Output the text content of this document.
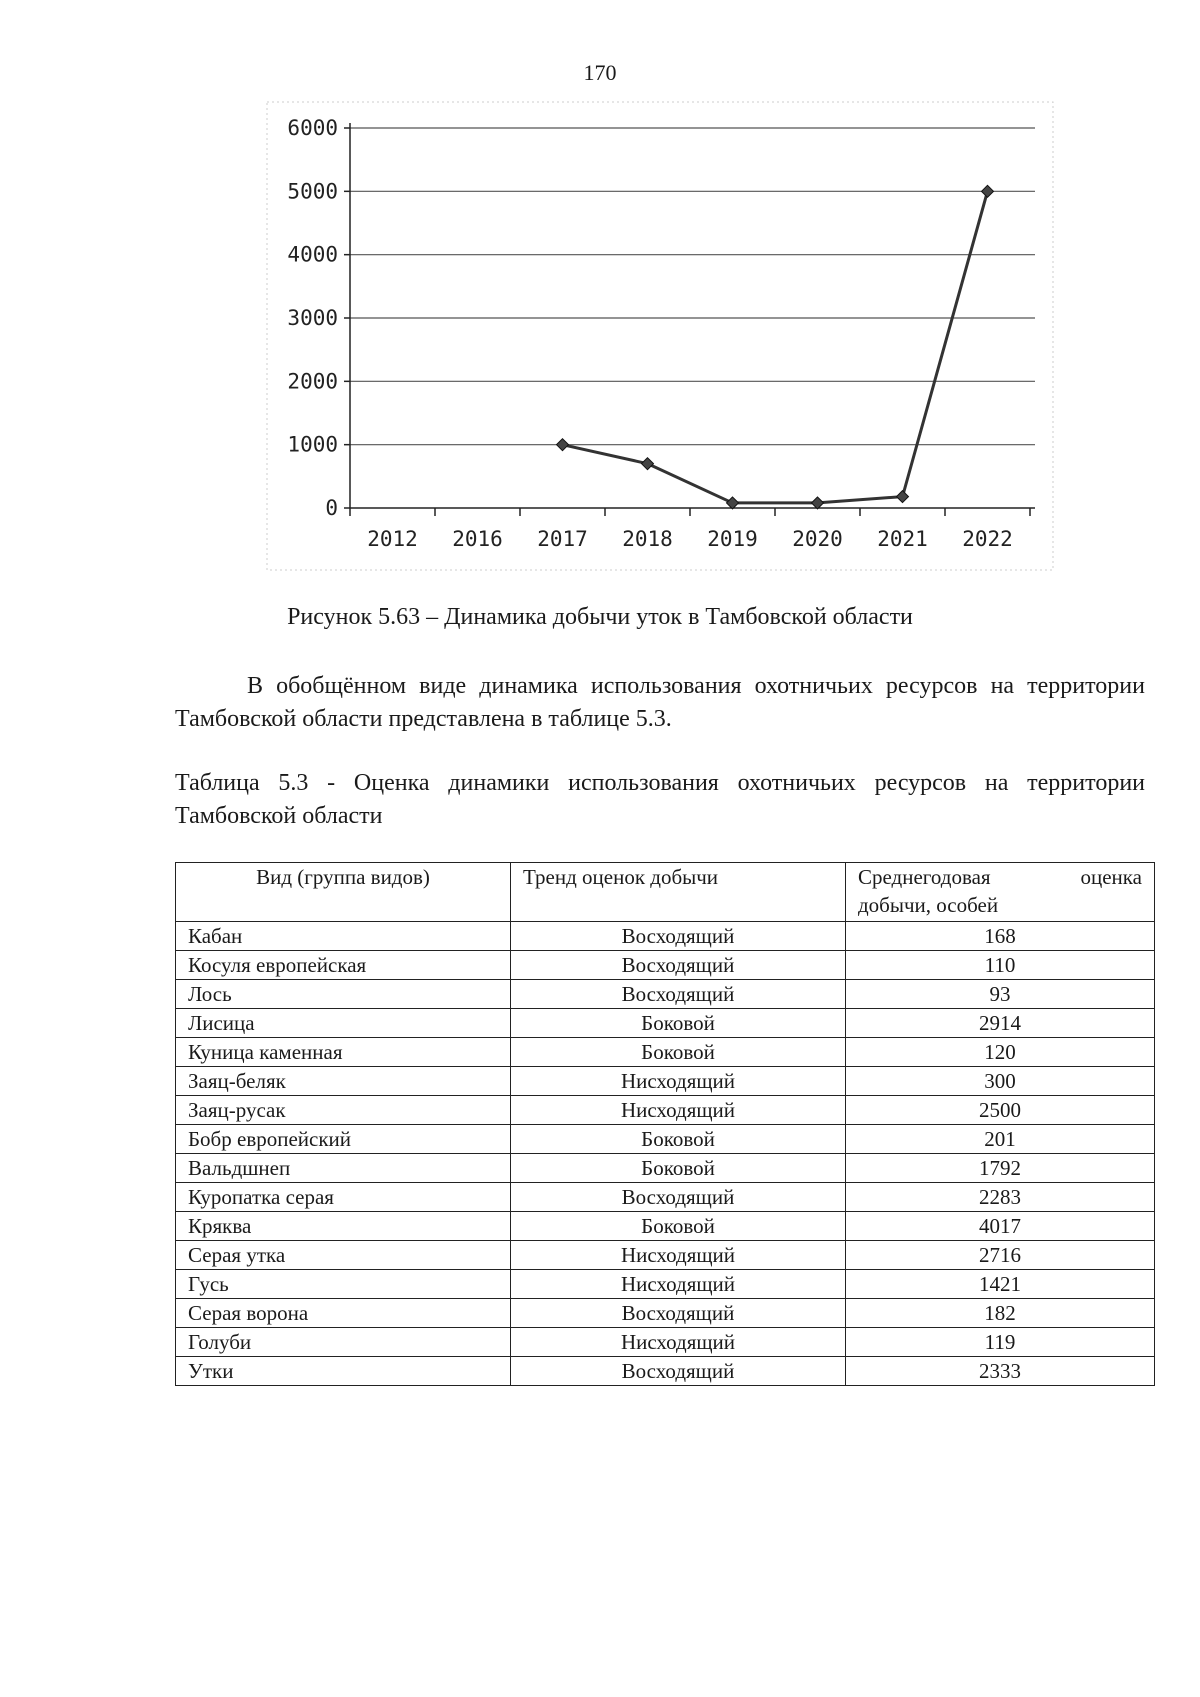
170
0
1000
2000
3000
4000
5000
6000
2012 2016 2017 2018 2019 2020 2021 2022
Рисунок 5.63 – Динамика добычи уток в Тамбовской области

В обобщённом виде динамика использования охотничьих ресурсов на территории Тамбовской области представлена в таблице 5.3.

Таблица 5.3 - Оценка динамики использования охотничьих ресурсов на территории Тамбовской области

Вид (группа видов)	Тренд оценок добычи	Среднегодовая оценка
добычи, особей

Кабан	Восходящий	168
Косуля европейская	Восходящий	110
Лось	Восходящий	93
Лисица	Боковой	2914
Куница каменная	Боковой	120
Заяц-беляк	Нисходящий	300
Заяц-русак	Нисходящий	2500
Бобр европейский	Боковой	201
Вальдшнеп	Боковой	1792
Куропатка серая	Восходящий	2283
Кряква	Боковой	4017
Серая утка	Нисходящий	2716
Гусь	Нисходящий	1421
Серая ворона	Восходящий	182
Голуби	Нисходящий	119
Утки	Восходящий	2333
